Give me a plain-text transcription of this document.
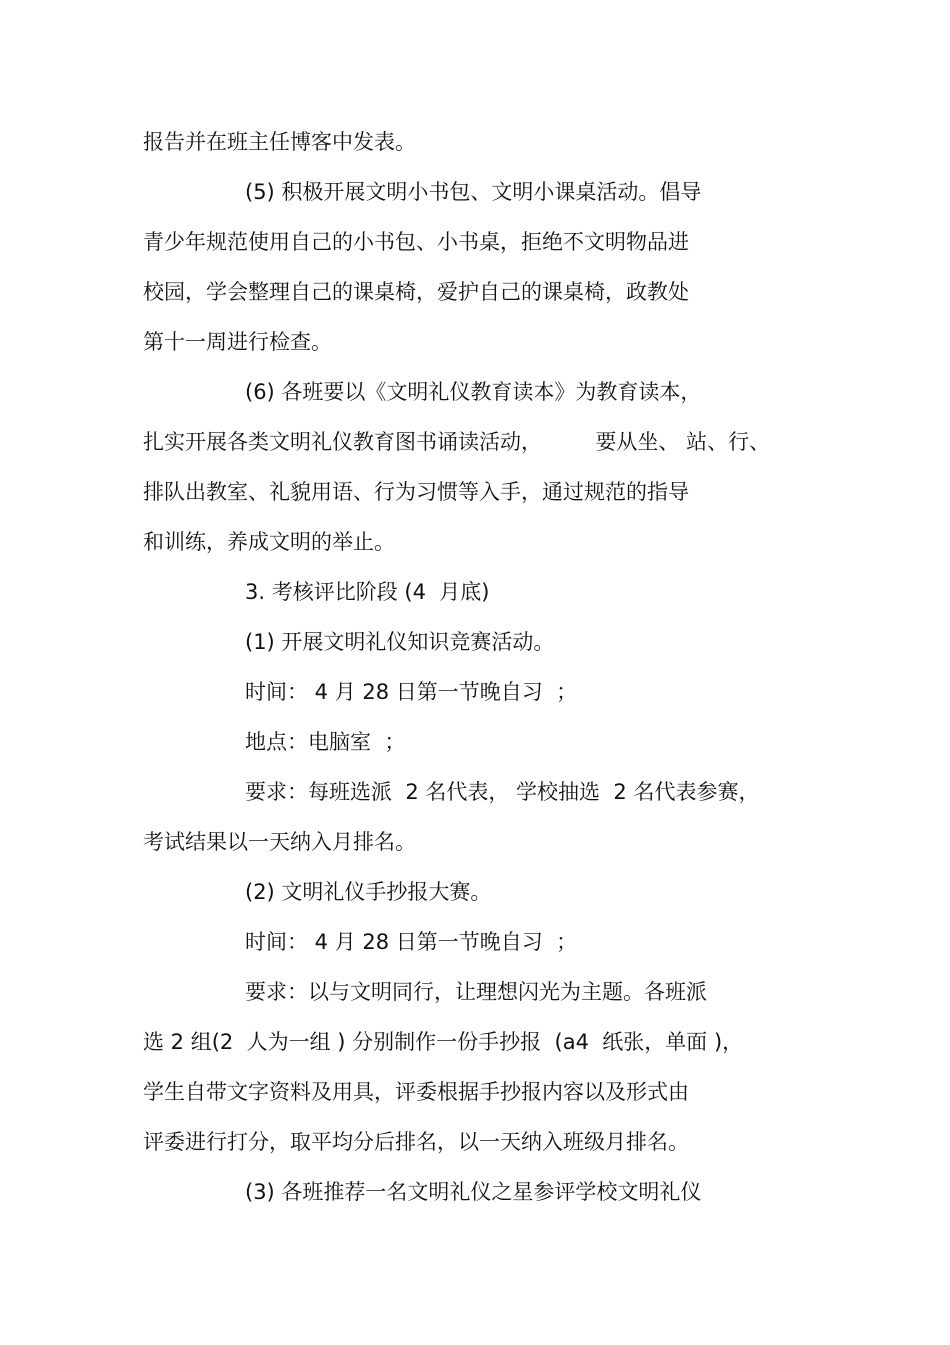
报告并在班主任博客中发表。
(5) 积极开展文明小书包、文明小课桌活动。倡导
青少年规范使用自己的小书包、小书桌，拒绝不文明物品进
校园，学会整理自己的课桌椅，爱护自己的课桌椅，政教处
第十一周进行检查。
(6) 各班要以《文明礼仪教育读本》为教育读本，
扎实开展各类文明礼仪教育图书诵读活动，        要从坐、 站、行、
排队出教室、礼貌用语、行为习惯等入手，通过规范的指导
和训练，养成文明的举止。
3. 考核评比阶段 (4  月底)
(1) 开展文明礼仪知识竞赛活动。
时间： 4 月 28 日第一节晚自习  ；
地点：电脑室  ；
要求：每班选派  2 名代表， 学校抽选  2 名代表参赛，
考试结果以一天纳入月排名。
(2) 文明礼仪手抄报大赛。
时间： 4 月 28 日第一节晚自习  ；
要求：以与文明同行，让理想闪光为主题。各班派
选 2 组(2  人为一组 ) 分别制作一份手抄报  (a4  纸张，单面 )，
学生自带文字资料及用具，评委根据手抄报内容以及形式由
评委进行打分，取平均分后排名，以一天纳入班级月排名。
(3) 各班推荐一名文明礼仪之星参评学校文明礼仪
